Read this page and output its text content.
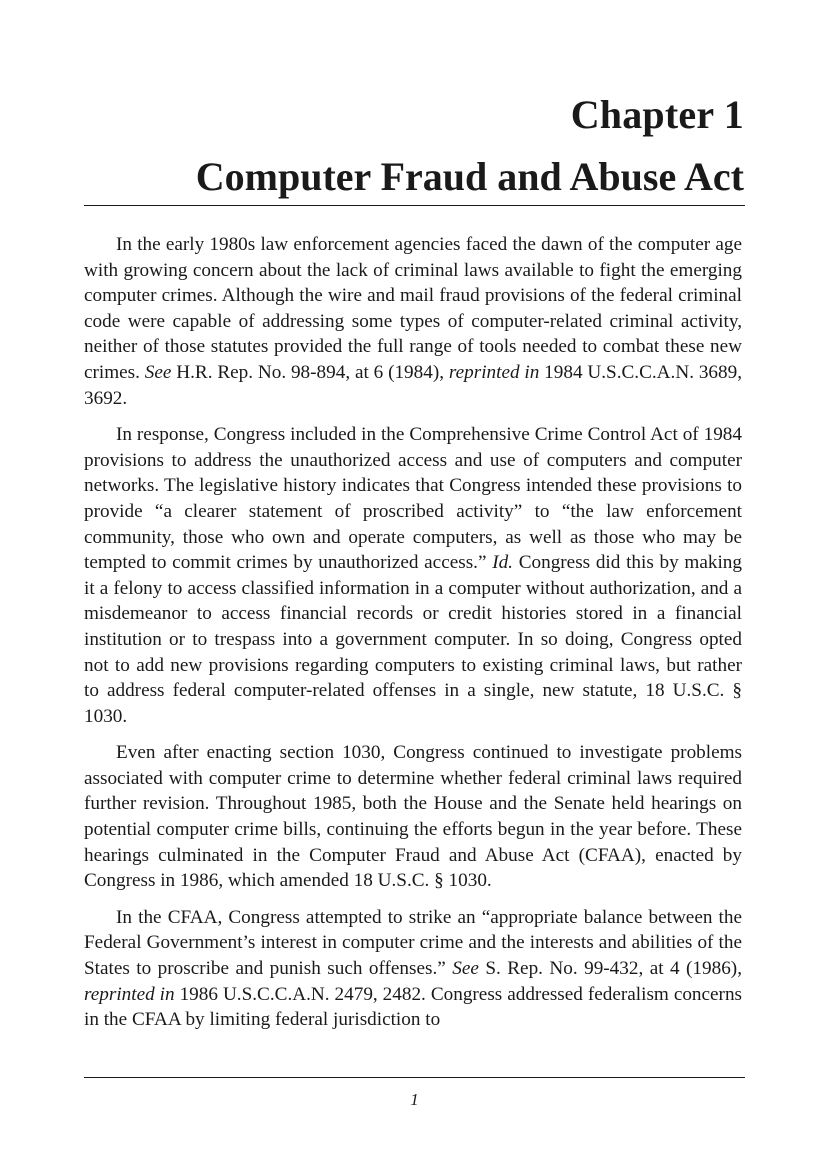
Chapter 1
Computer Fraud and Abuse Act

In the early 1980s law enforcement agencies faced the dawn of the computer age with growing concern about the lack of criminal laws available to fight the emerging computer crimes. Although the wire and mail fraud provisions of the federal criminal code were capable of addressing some types of computer-related criminal activity, neither of those statutes provided the full range of tools needed to combat these new crimes. See H.R. Rep. No. 98-894, at 6 (1984), reprinted in 1984 U.S.C.C.A.N. 3689, 3692.

In response, Congress included in the Comprehensive Crime Control Act of 1984 provisions to address the unauthorized access and use of computers and computer networks. The legislative history indicates that Congress intended these provisions to provide “a clearer statement of proscribed activity” to “the law enforcement community, those who own and operate computers, as well as those who may be tempted to commit crimes by unauthorized access.” Id. Congress did this by making it a felony to access classified information in a computer without authorization, and a misdemeanor to access financial records or credit histories stored in a financial institution or to trespass into a government computer. In so doing, Congress opted not to add new provisions regarding computers to existing criminal laws, but rather to address federal computer-related offenses in a single, new statute, 18 U.S.C. § 1030.

Even after enacting section 1030, Congress continued to investigate problems associated with computer crime to determine whether federal criminal laws required further revision. Throughout 1985, both the House and the Senate held hearings on potential computer crime bills, continuing the efforts begun in the year before. These hearings culminated in the Computer Fraud and Abuse Act (CFAA), enacted by Congress in 1986, which amended 18 U.S.C. § 1030.

In the CFAA, Congress attempted to strike an “appropriate balance between the Federal Government’s interest in computer crime and the interests and abilities of the States to proscribe and punish such offenses.” See S. Rep. No. 99-432, at 4 (1986), reprinted in 1986 U.S.C.C.A.N. 2479, 2482. Congress addressed federalism concerns in the CFAA by limiting federal jurisdiction to

1
